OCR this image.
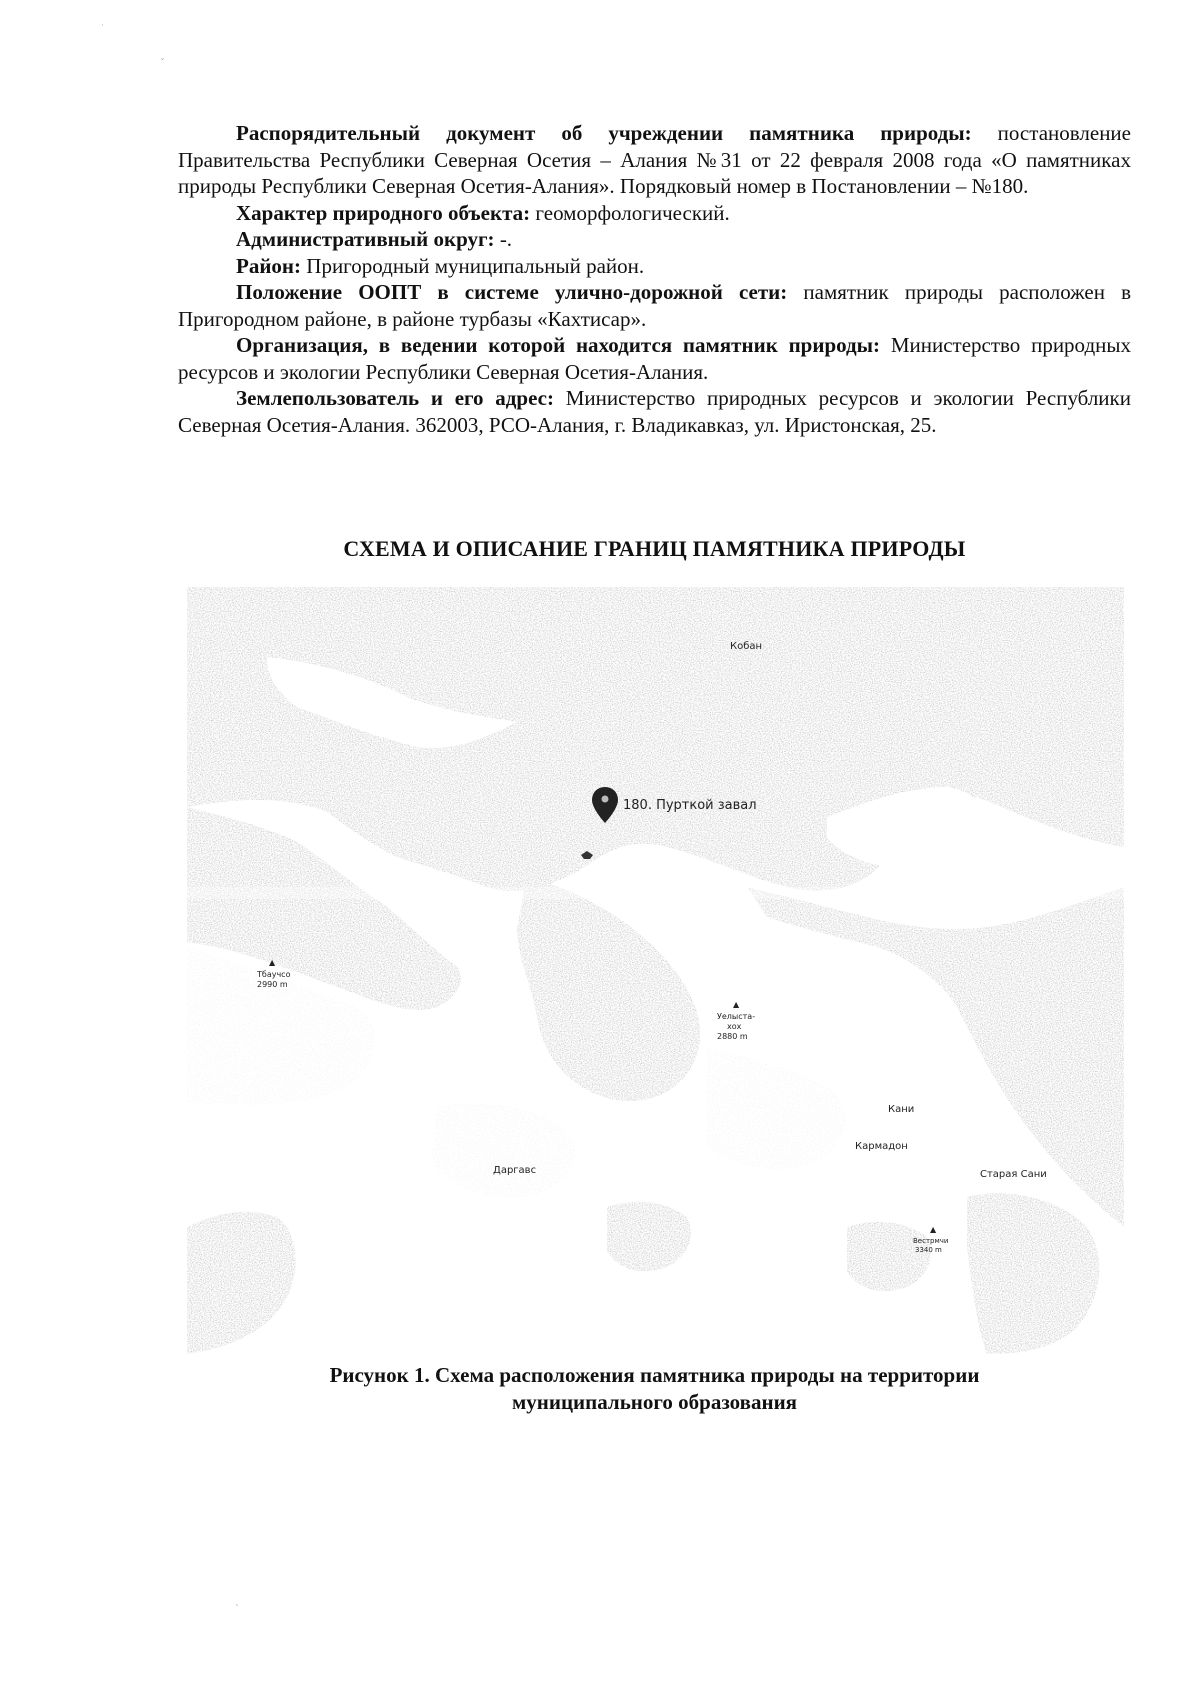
˙
ˇ

Распорядительный документ об учреждении памятника природы: постановление Правительства Республики Северная Осетия – Алания №31 от 22 февраля 2008 года «О памятниках природы Республики Северная Осетия-Алания». Порядковый номер в Постановлении – №180.

Характер природного объекта: геоморфологический.

Административный округ: -.

Район: Пригородный муниципальный район.

Положение ООПТ в системе улично-дорожной сети: памятник природы расположен в Пригородном районе, в районе турбазы «Кахтисар».

Организация, в ведении которой находится памятник природы: Министерство природных ресурсов и экологии Республики Северная Осетия-Алания.

Землепользователь и его адрес: Министерство природных ресурсов и экологии Республики Северная Осетия-Алания. 362003, РСО-Алания, г. Владикавказ, ул. Иристонская, 25.

СХЕМА И ОПИСАНИЕ ГРАНИЦ ПАМЯТНИКА ПРИРОДЫ
Кобан
Кани
Кармадон
Даргавс	Старая Сани
▲
Тбаучсо
2990 m
▲
Уелыста-
хох
2880 m
▲
Вестрмчи
3340 m
180. Пурткой завал
Рисунок 1. Схема расположения памятника природы на территории
муниципального образования
ˋ
